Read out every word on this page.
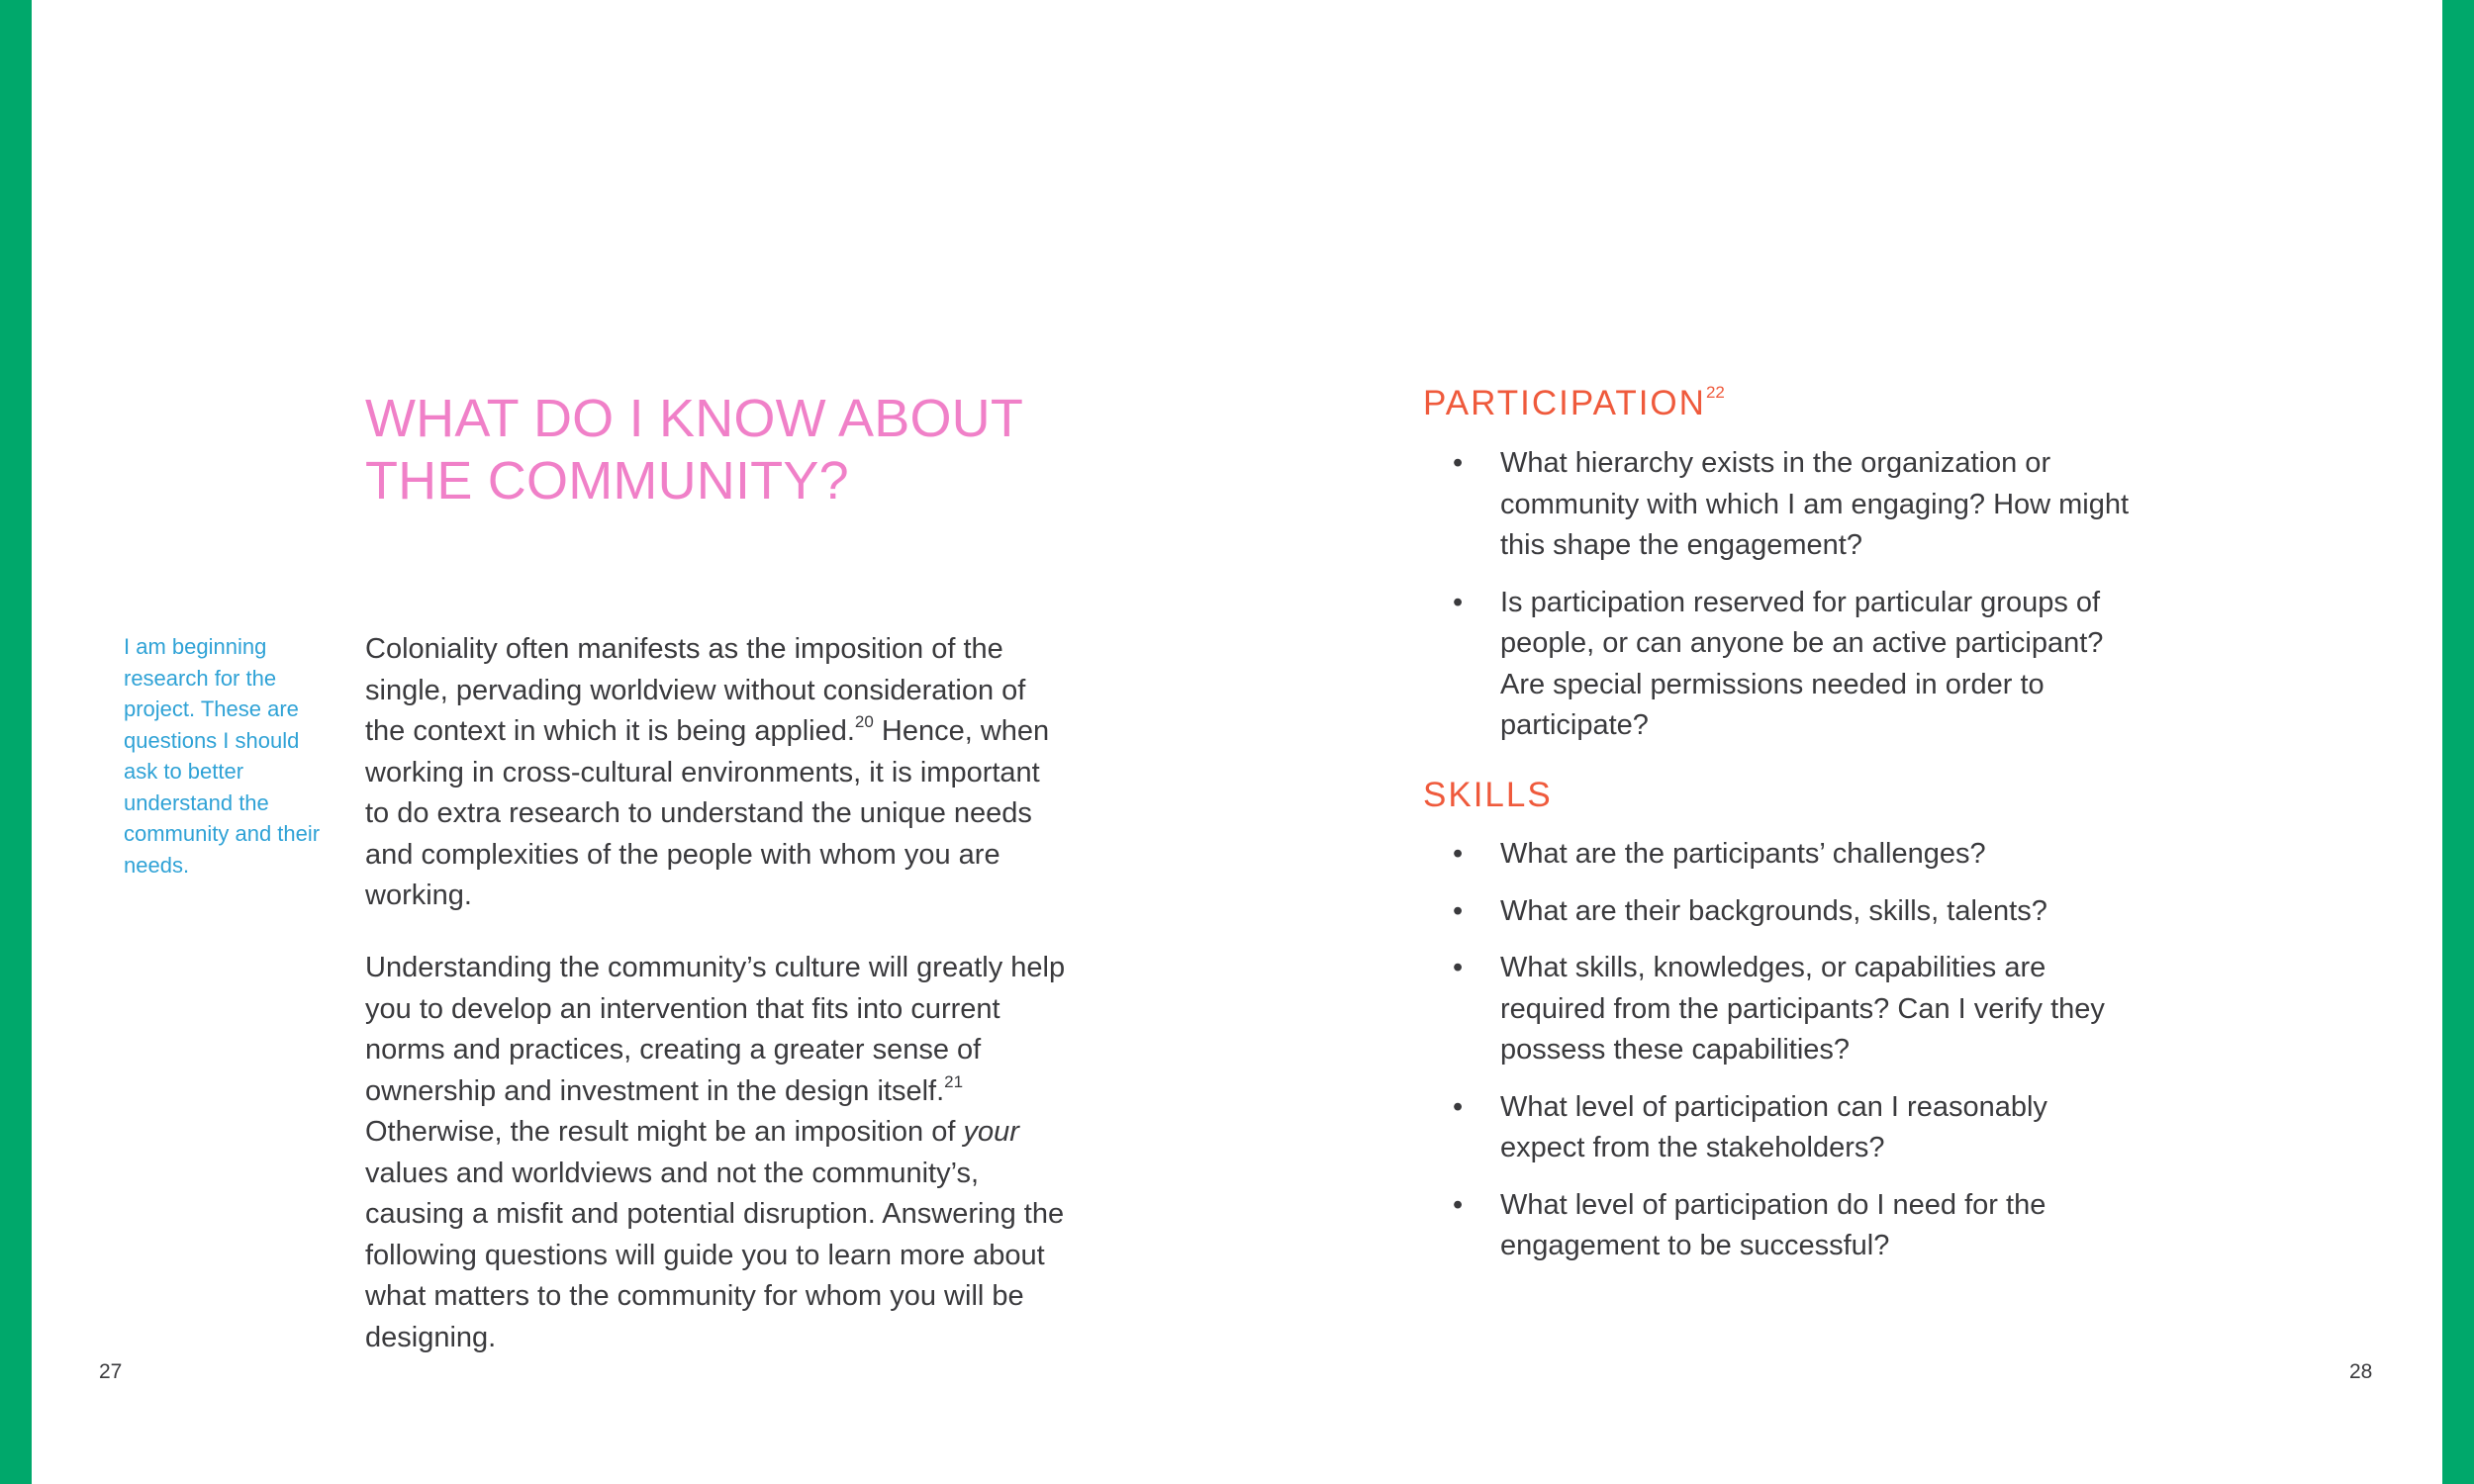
WHAT DO I KNOW ABOUT THE COMMUNITY?

I am beginning research for the project. These are questions I should ask to better understand the community and their needs.

Coloniality often manifests as the imposition of the single, pervading worldview without consideration of the context in which it is being applied.$^{20}$ Hence, when working in cross-cultural environments, it is important to do extra research to understand the unique needs and complexities of the people with whom you are working.

Understanding the community’s culture will greatly help you to develop an intervention that fits into current norms and practices, creating a greater sense of ownership and investment in the design itself.$^{21}$ Otherwise, the result might be an imposition of your values and worldviews and not the community’s, causing a misfit and potential disruption. Answering the following questions will guide you to learn more about what matters to the community for whom you will be designing.

27

PARTICIPATION$^{22}$
• What hierarchy exists in the organization or community with which I am engaging? How might this shape the engagement?
• Is participation reserved for particular groups of people, or can anyone be an active participant? Are special permissions needed in order to participate?
SKILLS
• What are the participants’ challenges?
• What are their backgrounds, skills, talents?
• What skills, knowledges, or capabilities are required from the participants? Can I verify they possess these capabilities?
• What level of participation can I reasonably expect from the stakeholders?
• What level of participation do I need for the engagement to be successful?

28
